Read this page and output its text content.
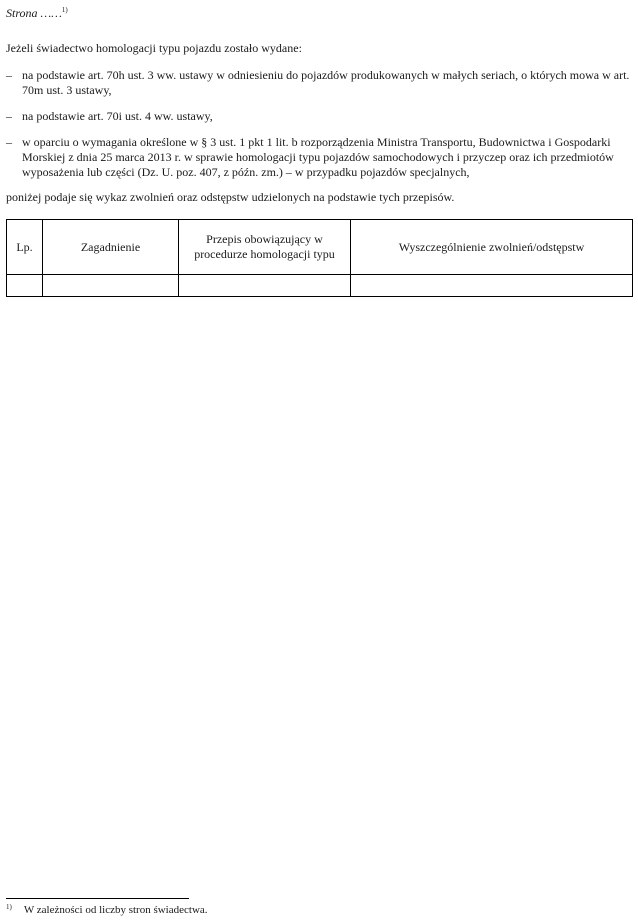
Strona ……$^{1)}$
Jeżeli świadectwo homologacji typu pojazdu zostało wydane:
– na podstawie art. 70h ust. 3 ww. ustawy w odniesieniu do pojazdów produkowanych w małych seriach, o których mowa w art. 70m ust. 3 ustawy,
– na podstawie art. 70i ust. 4 ww. ustawy,
– w oparciu o wymagania określone w § 3 ust. 1 pkt 1 lit. b rozporządzenia Ministra Transportu, Budownictwa i Gospodarki Morskiej z dnia 25 marca 2013 r. w sprawie homologacji typu pojazdów samochodowych i przyczep oraz ich przedmiotów wyposażenia lub części (Dz. U. poz. 407, z późn. zm.) – w przypadku pojazdów specjalnych,
poniżej podaje się wykaz zwolnień oraz odstępstw udzielonych na podstawie tych przepisów.
Lp.	Zagadnienie	Przepis obowiązujący w procedurze homologacji typu	Wyszczególnienie zwolnień/odstępstw

$^{1)}$ W zależności od liczby stron świadectwa.
